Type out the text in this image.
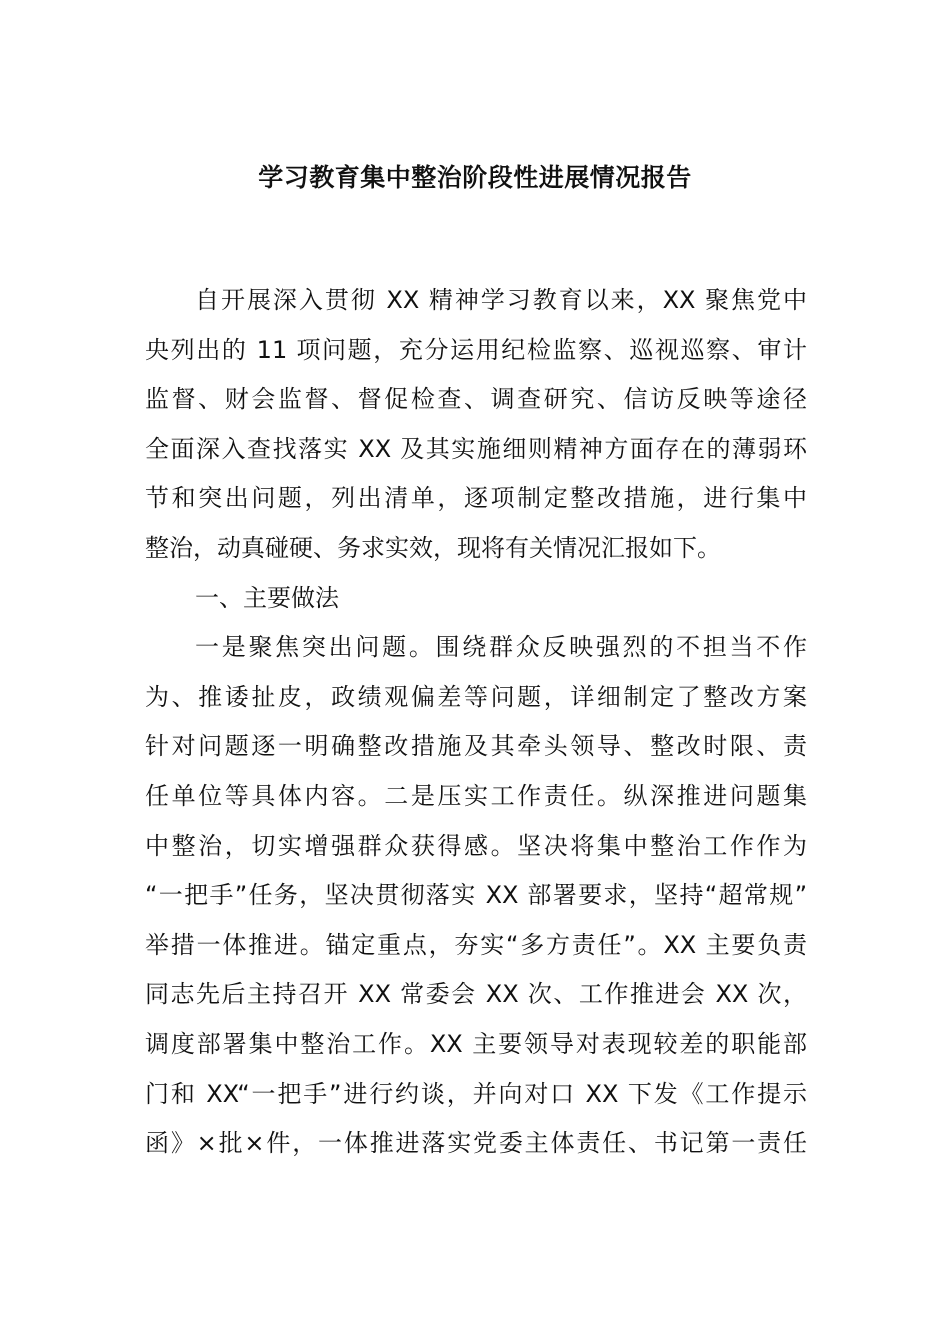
学习教育集中整治阶段性进展情况报告
自开展深入贯彻 XX 精神学习教育以来，XX 聚焦党中
央列出的 11 项问题，充分运用纪检监察、巡视巡察、审计
监督、财会监督、督促检查、调查研究、信访反映等途径
全面深入查找落实 XX 及其实施细则精神方面存在的薄弱环
节和突出问题，列出清单，逐项制定整改措施，进行集中
整治，动真碰硬、务求实效，现将有关情况汇报如下。
一、主要做法
一是聚焦突出问题。围绕群众反映强烈的不担当不作
为、推诿扯皮，政绩观偏差等问题，详细制定了整改方案
针对问题逐一明确整改措施及其牵头领导、整改时限、责
任单位等具体内容。二是压实工作责任。纵深推进问题集
中整治，切实增强群众获得感。坚决将集中整治工作作为
“一把手”任务，坚决贯彻落实 XX 部署要求，坚持“超常规”
举措一体推进。锚定重点，夯实“多方责任”。XX 主要负责
同志先后主持召开 XX 常委会 XX 次、工作推进会 XX 次，
调度部署集中整治工作。XX 主要领导对表现较差的职能部
门和 XX“一把手”进行约谈，并向对口 XX 下发《工作提示
函》×批×件，一体推进落实党委主体责任、书记第一责任
